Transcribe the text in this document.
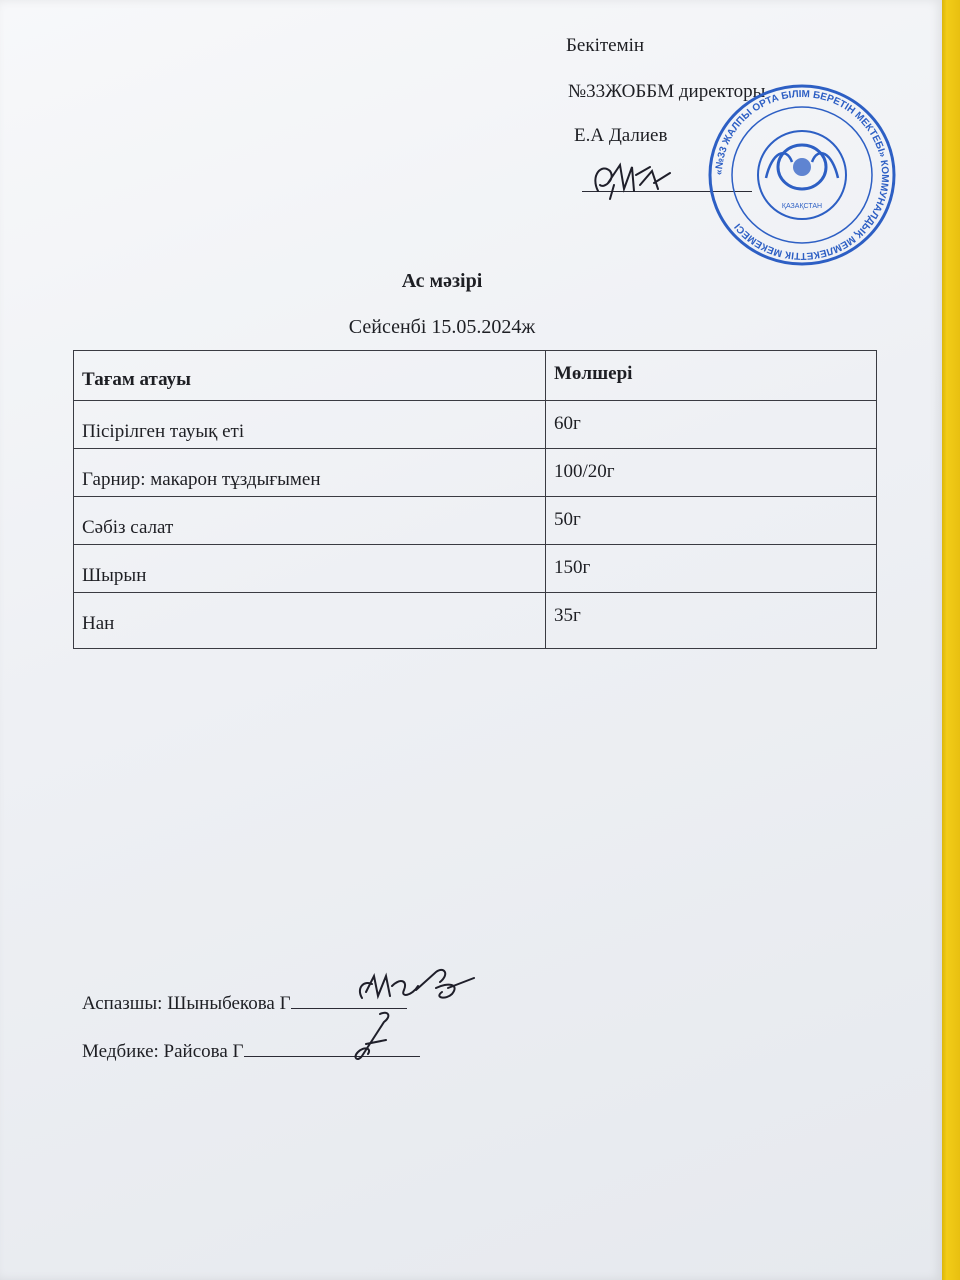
Бекітемін
№33ЖОББМ директоры
Е.А Далиев
«№33 ЖАЛПЫ ОРТА БІЛІМ БЕРЕТІН МЕКТЕБІ» КОММУНАЛДЫҚ МЕМЛЕКЕТТІК МЕКЕМЕСІ
ҚАЗАҚСТАН
Ас мәзірі
Сейсенбі 15.05.2024ж
Тағам атауы	Мөлшері
Пісірілген тауық еті	60г
Гарнир: макарон тұздығымен	100/20г
Сәбіз салат	50г
Шырын	150г
Нан	35г
Аспазшы: Шыныбекова Г
Медбике: Райсова Г
